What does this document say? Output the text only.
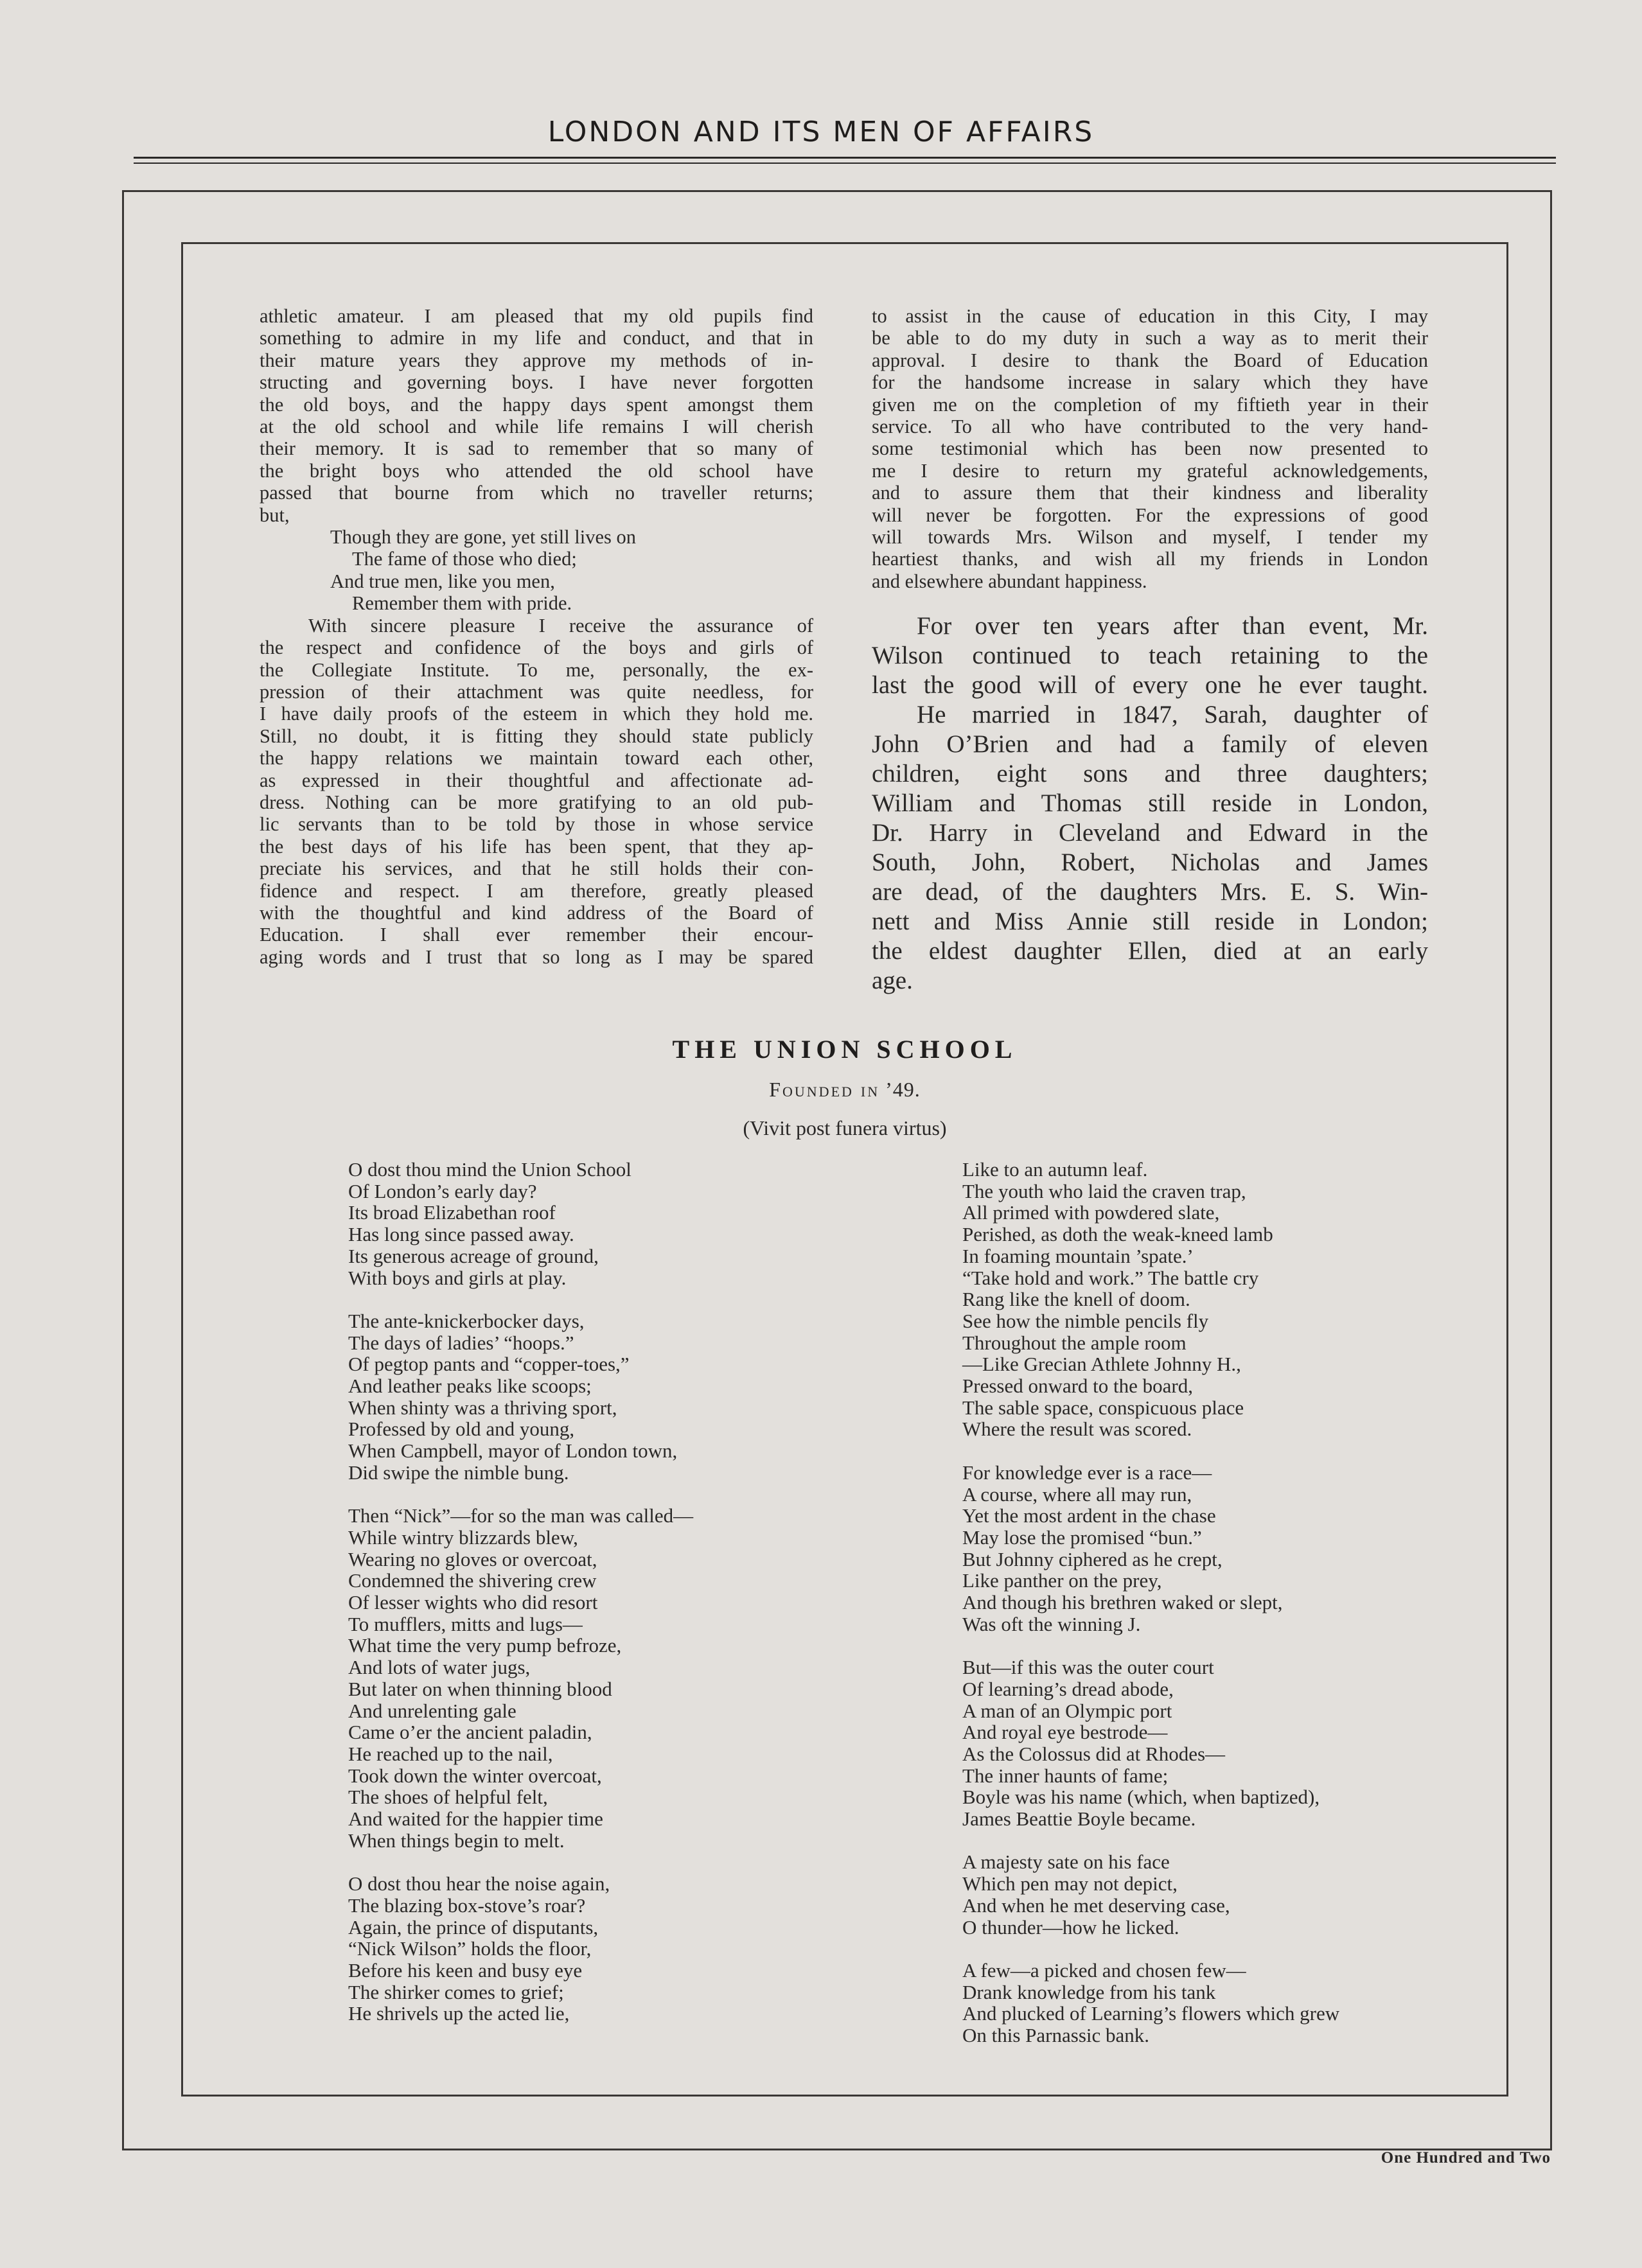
LONDON AND ITS MEN OF AFFAIRS
athletic amateur. I am pleased that my old pupils find
something to admire in my life and conduct, and that in
their mature years they approve my methods of in-
structing and governing boys. I have never forgotten
the old boys, and the happy days spent amongst them
at the old school and while life remains I will cherish
their memory. It is sad to remember that so many of
the bright boys who attended the old school have
passed that bourne from which no traveller returns;
but,
Though they are gone, yet still lives on
The fame of those who died;
And true men, like you men,
Remember them with pride.
With sincere pleasure I receive the assurance of
the respect and confidence of the boys and girls of
the Collegiate Institute. To me, personally, the ex-
pression of their attachment was quite needless, for
I have daily proofs of the esteem in which they hold me.
Still, no doubt, it is fitting they should state publicly
the happy relations we maintain toward each other,
as expressed in their thoughtful and affectionate ad-
dress. Nothing can be more gratifying to an old pub-
lic servants than to be told by those in whose service
the best days of his life has been spent, that they ap-
preciate his services, and that he still holds their con-
fidence and respect. I am therefore, greatly pleased
with the thoughtful and kind address of the Board of
Education. I shall ever remember their encour-
aging words and I trust that so long as I may be spared
to assist in the cause of education in this City, I may
be able to do my duty in such a way as to merit their
approval. I desire to thank the Board of Education
for the handsome increase in salary which they have
given me on the completion of my fiftieth year in their
service. To all who have contributed to the very hand-
some testimonial which has been now presented to
me I desire to return my grateful acknowledgements,
and to assure them that their kindness and liberality
will never be forgotten. For the expressions of good
will towards Mrs. Wilson and myself, I tender my
heartiest thanks, and wish all my friends in London
and elsewhere abundant happiness.
For over ten years after than event, Mr.
Wilson continued to teach retaining to the
last the good will of every one he ever taught.
He married in 1847, Sarah, daughter of
John O’Brien and had a family of eleven
children, eight sons and three daughters;
William and Thomas still reside in London,
Dr. Harry in Cleveland and Edward in the
South, John, Robert, Nicholas and James
are dead, of the daughters Mrs. E. S. Win-
nett and Miss Annie still reside in London;
the eldest daughter Ellen, died at an early
age.
THE UNION SCHOOL
Founded in ’49.
(Vivit post funera virtus)
O dost thou mind the Union School
Of London’s early day?
Its broad Elizabethan roof
Has long since passed away.
Its generous acreage of ground,
With boys and girls at play.
The ante-knickerbocker days,
The days of ladies’ “hoops.”
Of pegtop pants and “copper-toes,”
And leather peaks like scoops;
When shinty was a thriving sport,
Professed by old and young,
When Campbell, mayor of London town,
Did swipe the nimble bung.
Then “Nick”—for so the man was called—
While wintry blizzards blew,
Wearing no gloves or overcoat,
Condemned the shivering crew
Of lesser wights who did resort
To mufflers, mitts and lugs—
What time the very pump befroze,
And lots of water jugs,
But later on when thinning blood
And unrelenting gale
Came o’er the ancient paladin,
He reached up to the nail,
Took down the winter overcoat,
The shoes of helpful felt,
And waited for the happier time
When things begin to melt.
O dost thou hear the noise again,
The blazing box-stove’s roar?
Again, the prince of disputants,
“Nick Wilson” holds the floor,
Before his keen and busy eye
The shirker comes to grief;
He shrivels up the acted lie,
Like to an autumn leaf.
The youth who laid the craven trap,
All primed with powdered slate,
Perished, as doth the weak-kneed lamb
In foaming mountain ’spate.’
“Take hold and work.” The battle cry
Rang like the knell of doom.
See how the nimble pencils fly
Throughout the ample room
—Like Grecian Athlete Johnny H.,
Pressed onward to the board,
The sable space, conspicuous place
Where the result was scored.
For knowledge ever is a race—
A course, where all may run,
Yet the most ardent in the chase
May lose the promised “bun.”
But Johnny ciphered as he crept,
Like panther on the prey,
And though his brethren waked or slept,
Was oft the winning J.
But—if this was the outer court
Of learning’s dread abode,
A man of an Olympic port
And royal eye bestrode—
As the Colossus did at Rhodes—
The inner haunts of fame;
Boyle was his name (which, when baptized),
James Beattie Boyle became.
A majesty sate on his face
Which pen may not depict,
And when he met deserving case,
O thunder—how he licked.
A few—a picked and chosen few—
Drank knowledge from his tank
And plucked of Learning’s flowers which grew
On this Parnassic bank.
One Hundred and Two
